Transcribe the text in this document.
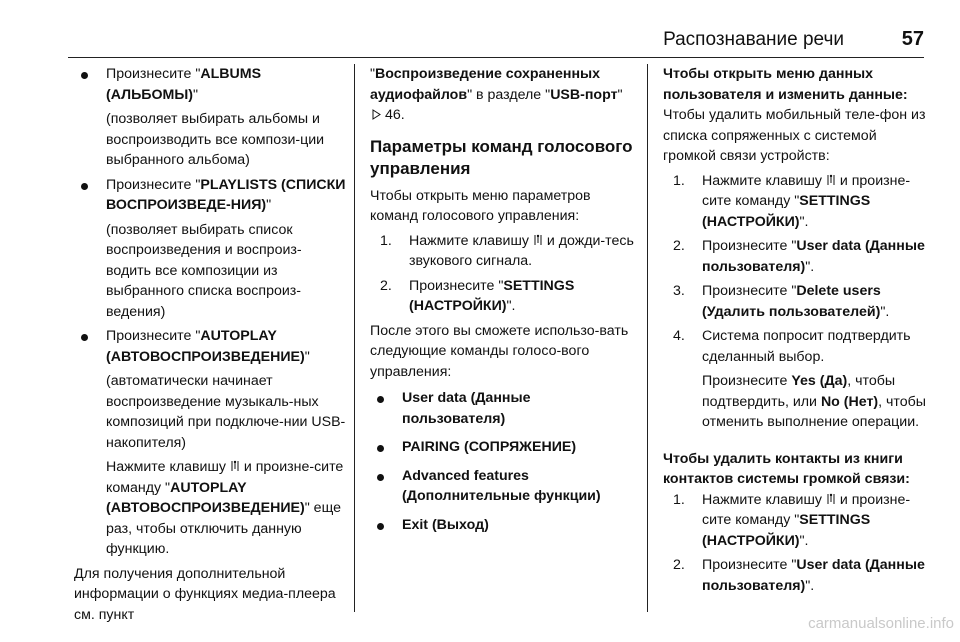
Распознавание речи	57

Произнесите "ALBUMS (АЛЬБОМЫ)"

(позволяет выбирать альбомы и воспроизводить все компози-ции выбранного альбома)

Произнесите "PLAYLISTS (СПИСКИ ВОСПРОИЗВЕДЕ-НИЯ)"

(позволяет выбирать список воспроизведения и воспроиз-водить все композиции из выбранного списка воспроиз-ведения)

Произнесите "AUTOPLAY (АВТОВОСПРОИЗВЕДЕНИЕ)"

(автоматически начинает воспроизведение музыкаль-ных композиций при подключе-нии USB-накопителя)

Нажмите клавишу и произне-сите команду "AUTOPLAY (АВТОВОСПРОИЗВЕДЕНИЕ)" еще раз, чтобы отключить данную функцию.

Для получения дополнительной информации о функциях медиа-плеера см. пункт

"Воспроизведение сохраненных аудиофайлов" в разделе "USB-порт"  46.

Параметры команд голосового управления

Чтобы открыть меню параметров команд голосового управления:

1. Нажмите клавишу и дожди-тесь звукового сигнала.

2. Произнесите "SETTINGS (НАСТРОЙКИ)".

После этого вы сможете использо-вать следующие команды голосо-вого управления:

User data (Данные пользователя)
PAIRING (СОПРЯЖЕНИЕ)
Advanced features (Дополнительные функции)
Exit (Выход)

Чтобы открыть меню данных пользователя и изменить данные:

Чтобы удалить мобильный теле-фон из списка сопряженных с системой громкой связи устройств:

1. Нажмите клавишу и произне-сите команду "SETTINGS (НАСТРОЙКИ)".

2. Произнесите "User data (Данные пользователя)".

3. Произнесите "Delete users (Удалить пользователей)".

4. Система попросит подтвердить сделанный выбор.

Произнесите Yes (Да), чтобы подтвердить, или No (Нет), чтобы отменить выполнение операции.

Чтобы удалить контакты из книги контактов системы громкой связи:

1. Нажмите клавишу и произне-сите команду "SETTINGS (НАСТРОЙКИ)".

2. Произнесите "User data (Данные пользователя)".

carmanualsonline.info
